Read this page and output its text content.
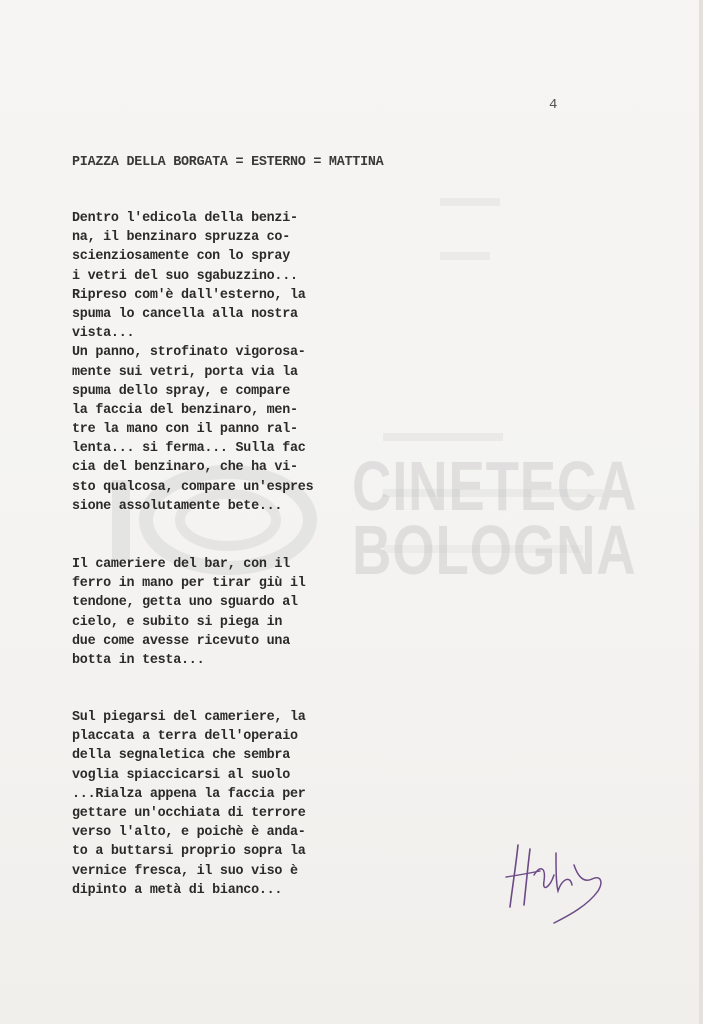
CINETECA
BOLOGNA
4
PIAZZA DELLA BORGATA = ESTERNO = MATTINA
Dentro l'edicola della benzi-
na, il benzinaro spruzza co-
scienziosamente con lo spray
i vetri del suo sgabuzzino...
Ripreso com'è dall'esterno, la
spuma lo cancella alla nostra
vista...
Un panno, strofinato vigorosa-
mente sui vetri, porta via la
spuma dello spray, e compare
la faccia del benzinaro, men-
tre la mano con il panno ral-
lenta... si ferma... Sulla fac
cia del benzinaro, che ha vi-
sto qualcosa, compare un'espres
sione assolutamente bete...
Il cameriere del bar, con il
ferro in mano per tirar giù il
tendone, getta uno sguardo al
cielo, e subito si piega in
due come avesse ricevuto una
botta in testa...
Sul piegarsi del cameriere, la
placcata a terra dell'operaio
della segnaletica che sembra
voglia spiaccicarsi al suolo
...Rialza appena la faccia per
gettare un'occhiata di terrore
verso l'alto, e poichè è anda-
to a buttarsi proprio sopra la
vernice fresca, il suo viso è
dipinto a metà di bianco...
